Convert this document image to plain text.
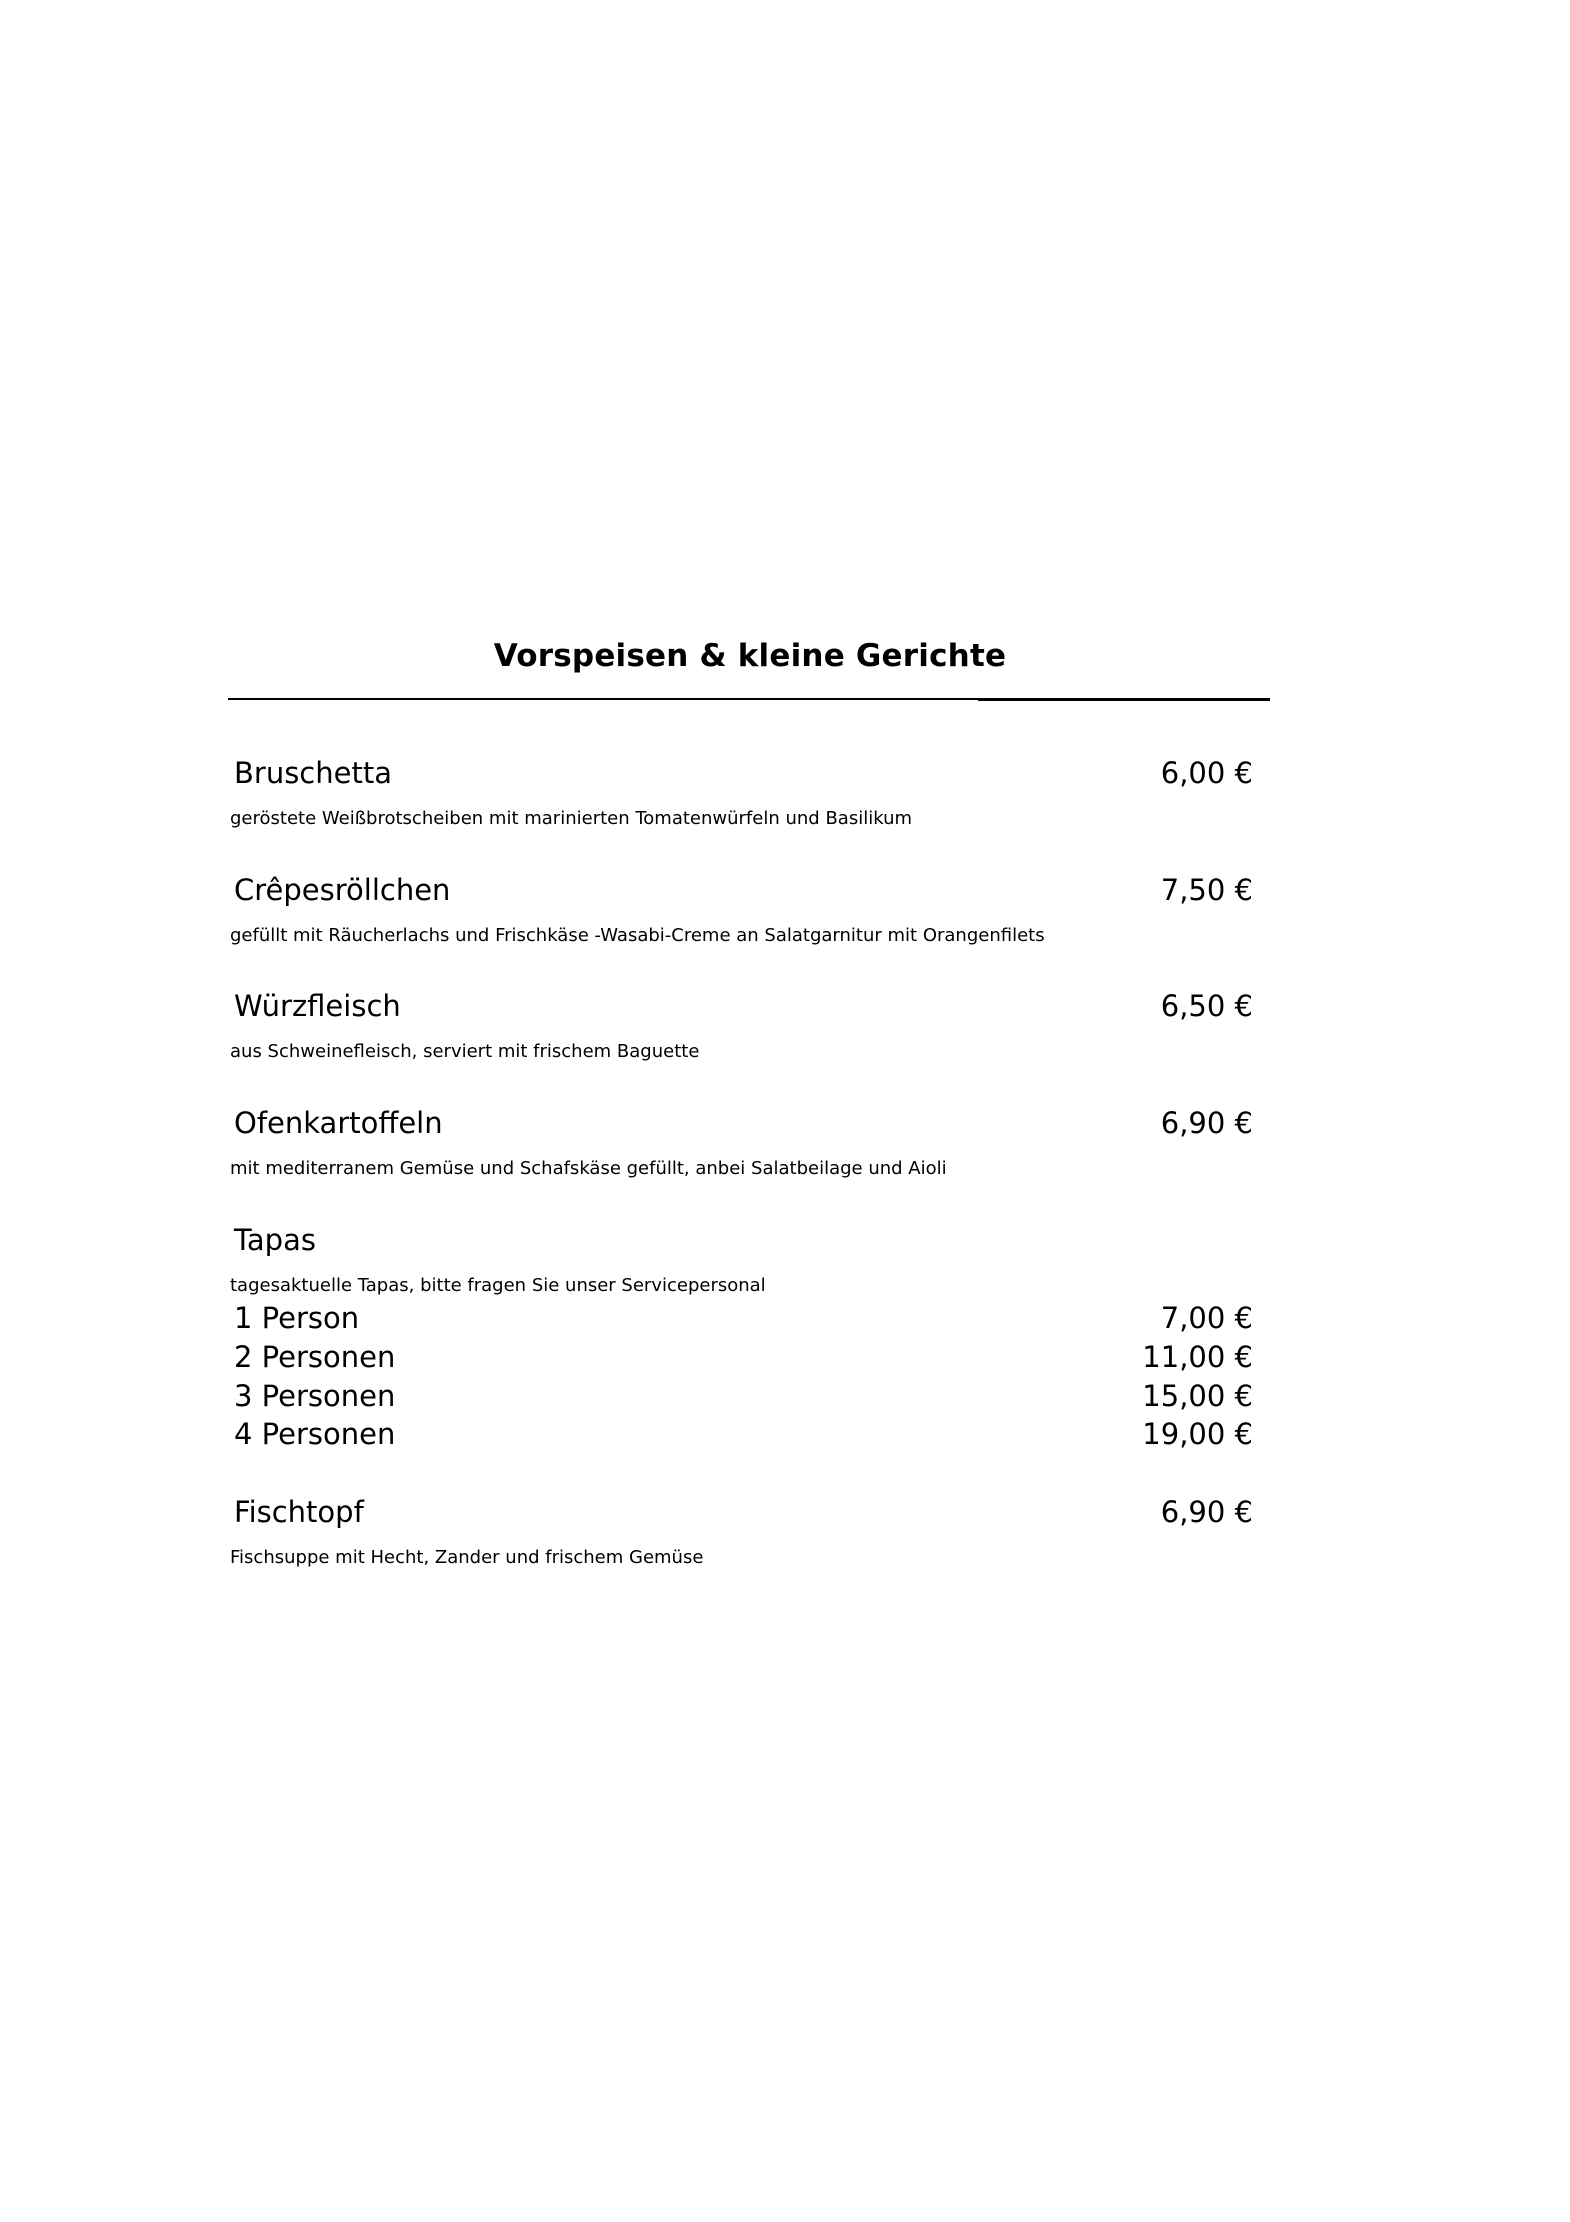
Vorspeisen & kleine Gerichte
Bruschetta	6,00 €
geröstete Weißbrotscheiben mit marinierten Tomatenwürfeln und Basilikum
Crêpesröllchen	7,50 €
gefüllt mit Räucherlachs und Frischkäse -Wasabi-Creme an Salatgarnitur mit Orangenfilets
Würzfleisch	6,50 €
aus Schweinefleisch, serviert mit frischem Baguette
Ofenkartoffeln	6,90 €
mit mediterranem Gemüse und Schafskäse gefüllt, anbei Salatbeilage und Aioli
Tapas
tagesaktuelle Tapas, bitte fragen Sie unser Servicepersonal
1 Person	7,00 €
2 Personen	11,00 €
3 Personen	15,00 €
4 Personen	19,00 €
Fischtopf	6,90 €
Fischsuppe mit Hecht, Zander und frischem Gemüse
